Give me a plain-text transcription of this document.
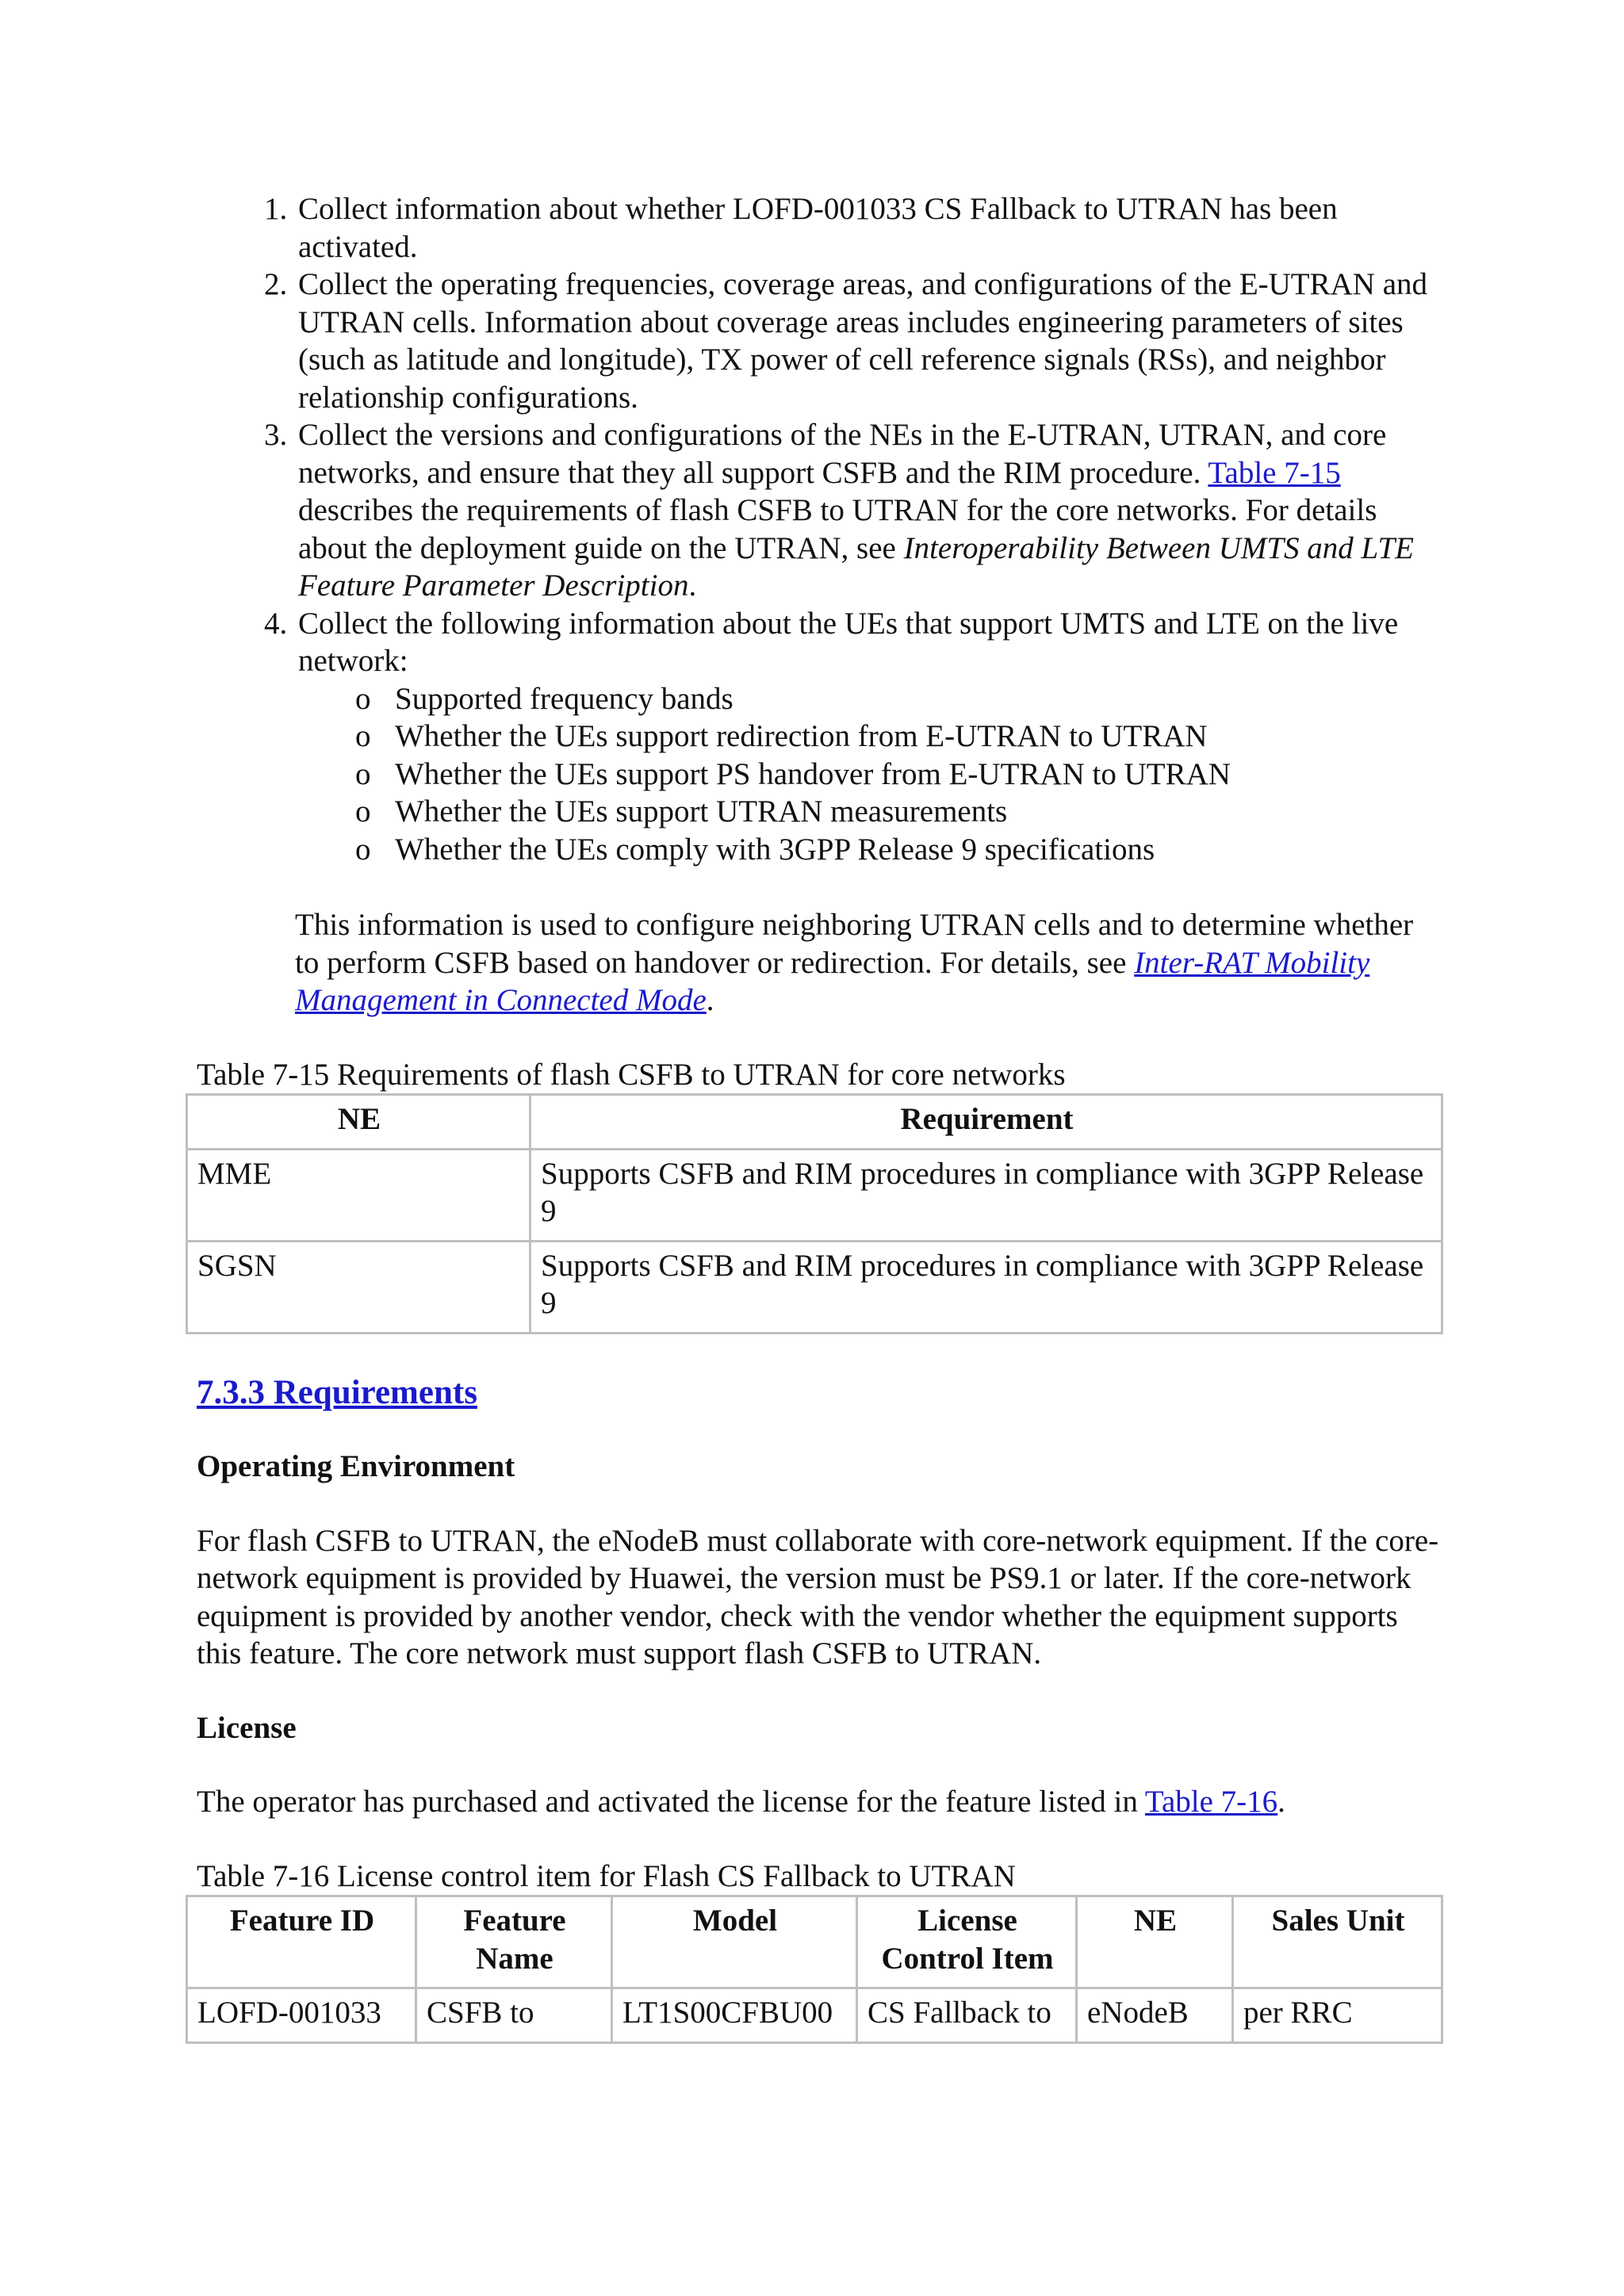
1. Collect information about whether LOFD-001033 CS Fallback to UTRAN has been activated.
2. Collect the operating frequencies, coverage areas, and configurations of the E-UTRAN and UTRAN cells. Information about coverage areas includes engineering parameters of sites (such as latitude and longitude), TX power of cell reference signals (RSs), and neighbor relationship configurations.
3. Collect the versions and configurations of the NEs in the E-UTRAN, UTRAN, and core networks, and ensure that they all support CSFB and the RIM procedure. Table 7-15 describes the requirements of flash CSFB to UTRAN for the core networks. For details about the deployment guide on the UTRAN, see Interoperability Between UMTS and LTE Feature Parameter Description.
4. Collect the following information about the UEs that support UMTS and LTE on the live network:
o Supported frequency bands
o Whether the UEs support redirection from E-UTRAN to UTRAN
o Whether the UEs support PS handover from E-UTRAN to UTRAN
o Whether the UEs support UTRAN measurements
o Whether the UEs comply with 3GPP Release 9 specifications
This information is used to configure neighboring UTRAN cells and to determine whether to perform CSFB based on handover or redirection. For details, see Inter-RAT Mobility Management in Connected Mode.
Table 7-15 Requirements of flash CSFB to UTRAN for core networks
NE	Requirement
MME	Supports CSFB and RIM procedures in compliance with 3GPP Release 9
SGSN	Supports CSFB and RIM procedures in compliance with 3GPP Release 9
7.3.3 Requirements
Operating Environment
For flash CSFB to UTRAN, the eNodeB must collaborate with core-network equipment. If the core-network equipment is provided by Huawei, the version must be PS9.1 or later. If the core-network equipment is provided by another vendor, check with the vendor whether the equipment supports this feature. The core network must support flash CSFB to UTRAN.
License
The operator has purchased and activated the license for the feature listed in Table 7-16.
Table 7-16 License control item for Flash CS Fallback to UTRAN
Feature ID	Feature Name	Model	License Control Item	NE	Sales Unit
LOFD-001033	CSFB to	LT1S00CFBU00	CS Fallback to	eNodeB	per RRC
